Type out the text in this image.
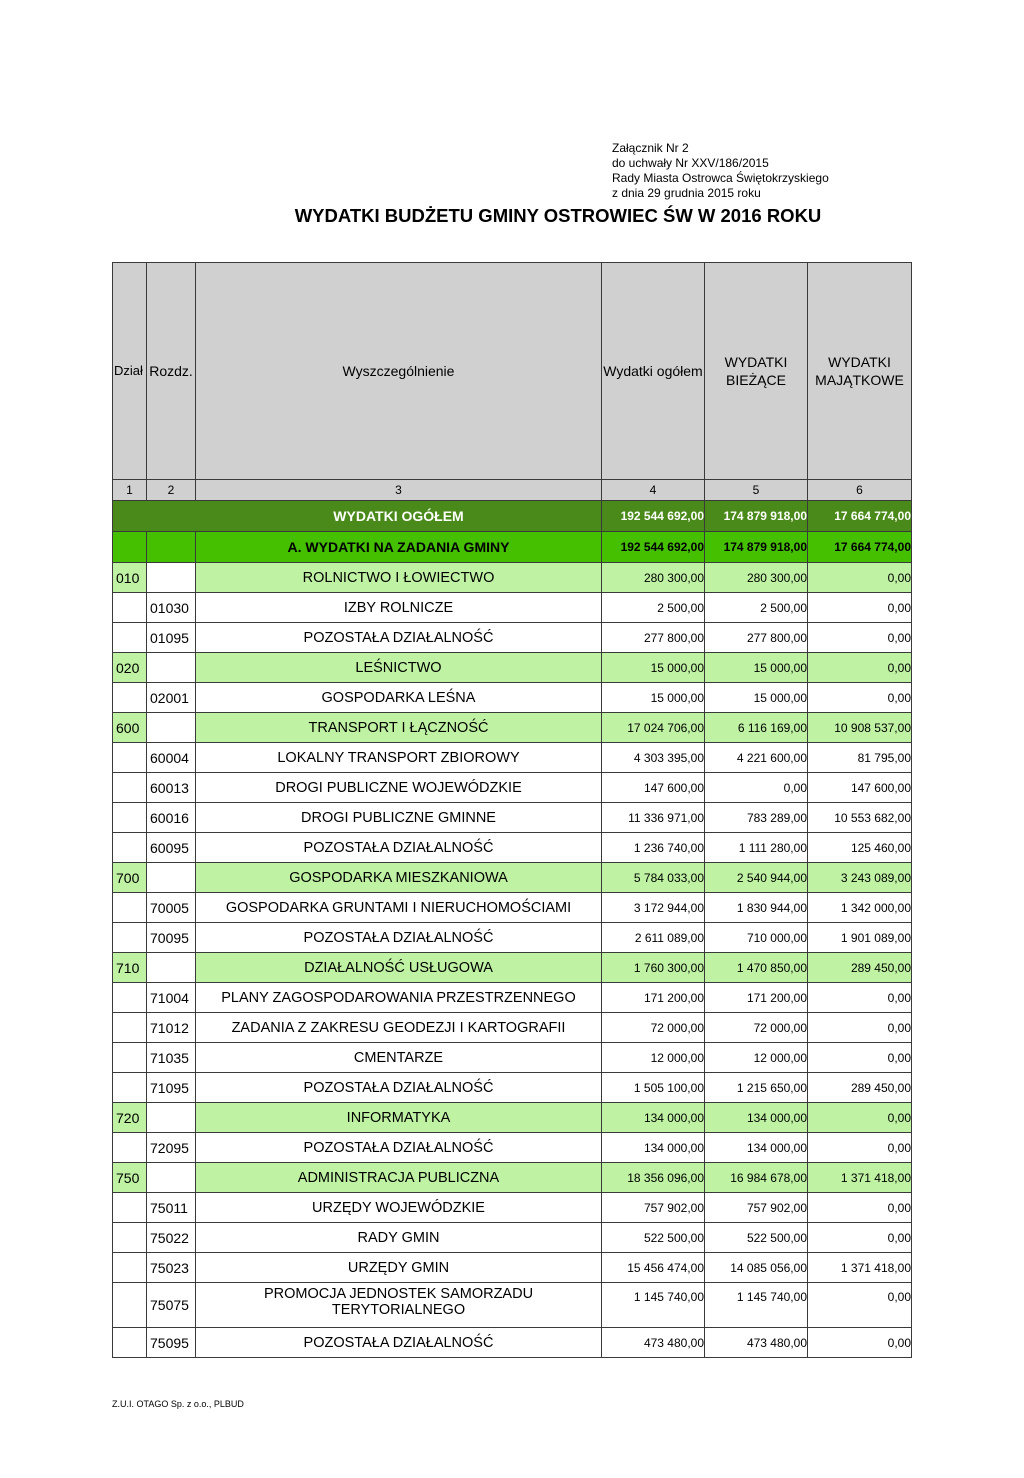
Załącznik Nr 2
do uchwały Nr XXV/186/2015
Rady Miasta Ostrowca Świętokrzyskiego
z dnia 29 grudnia 2015 roku
WYDATKI BUDŻETU GMINY OSTROWIEC ŚW W 2016 ROKU
Dział	Rozdz.	Wyszczególnienie	Wydatki ogółem	WYDATKI BIEŻĄCE	WYDATKI MAJĄTKOWE
1	2	3	4	5	6
WYDATKI OGÓŁEM			192 544 692,00	174 879 918,00	17 664 774,00
		A. WYDATKI NA ZADANIA GMINY	192 544 692,00	174 879 918,00	17 664 774,00
010		ROLNICTWO I ŁOWIECTWO	280 300,00	280 300,00	0,00
	01030	IZBY ROLNICZE	2 500,00	2 500,00	0,00
	01095	POZOSTAŁA DZIAŁALNOŚĆ	277 800,00	277 800,00	0,00
020		LEŚNICTWO	15 000,00	15 000,00	0,00
	02001	GOSPODARKA LEŚNA	15 000,00	15 000,00	0,00
600		TRANSPORT I ŁĄCZNOŚĆ	17 024 706,00	6 116 169,00	10 908 537,00
	60004	LOKALNY TRANSPORT ZBIOROWY	4 303 395,00	4 221 600,00	81 795,00
	60013	DROGI PUBLICZNE WOJEWÓDZKIE	147 600,00	0,00	147 600,00
	60016	DROGI PUBLICZNE GMINNE	11 336 971,00	783 289,00	10 553 682,00
	60095	POZOSTAŁA DZIAŁALNOŚĆ	1 236 740,00	1 111 280,00	125 460,00
700		GOSPODARKA MIESZKANIOWA	5 784 033,00	2 540 944,00	3 243 089,00
	70005	GOSPODARKA GRUNTAMI I NIERUCHOMOŚCIAMI	3 172 944,00	1 830 944,00	1 342 000,00
	70095	POZOSTAŁA DZIAŁALNOŚĆ	2 611 089,00	710 000,00	1 901 089,00
710		DZIAŁALNOŚĆ USŁUGOWA	1 760 300,00	1 470 850,00	289 450,00
	71004	PLANY ZAGOSPODAROWANIA PRZESTRZENNEGO	171 200,00	171 200,00	0,00
	71012	ZADANIA Z ZAKRESU GEODEZJI I KARTOGRAFII	72 000,00	72 000,00	0,00
	71035	CMENTARZE	12 000,00	12 000,00	0,00
	71095	POZOSTAŁA DZIAŁALNOŚĆ	1 505 100,00	1 215 650,00	289 450,00
720		INFORMATYKA	134 000,00	134 000,00	0,00
	72095	POZOSTAŁA DZIAŁALNOŚĆ	134 000,00	134 000,00	0,00
750		ADMINISTRACJA PUBLICZNA	18 356 096,00	16 984 678,00	1 371 418,00
	75011	URZĘDY WOJEWÓDZKIE	757 902,00	757 902,00	0,00
	75022	RADY GMIN	522 500,00	522 500,00	0,00
	75023	URZĘDY GMIN	15 456 474,00	14 085 056,00	1 371 418,00
	75075	PROMOCJA JEDNOSTEK SAMORZADU TERYTORIALNEGO	1 145 740,00	1 145 740,00	0,00
	75095	POZOSTAŁA DZIAŁALNOŚĆ	473 480,00	473 480,00	0,00
Z.U.I. OTAGO Sp. z o.o., PLBUD
